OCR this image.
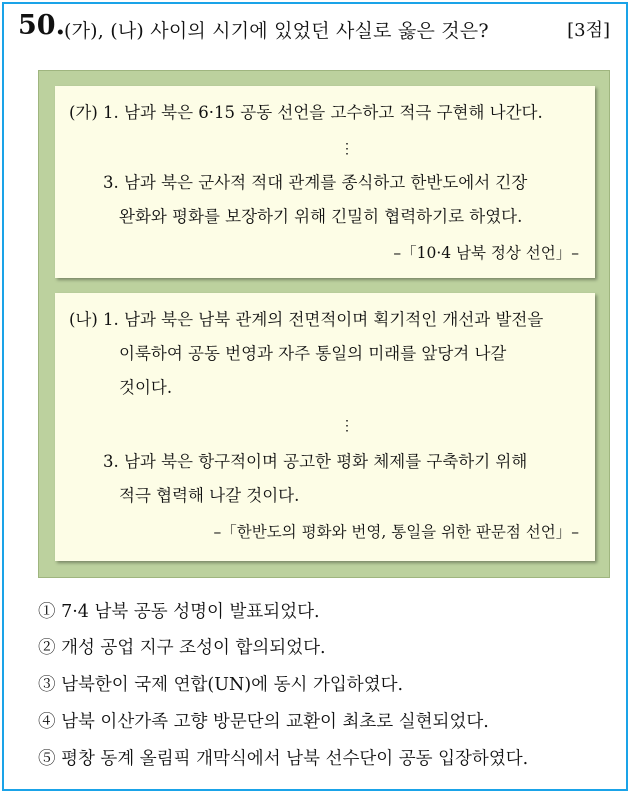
50. (가), (나) 사이의 시기에 있었던 사실로 옳은 것은?	[3점]
(가) 1. 남과 북은 6·15 공동 선언을 고수하고 적극 구현해 나간다.
⋮
3. 남과 북은 군사적 적대 관계를 종식하고 한반도에서 긴장
완화와 평화를 보장하기 위해 긴밀히 협력하기로 하였다.
–「10·4 남북 정상 선언」–
(나) 1. 남과 북은 남북 관계의 전면적이며 획기적인 개선과 발전을
이룩하여 공동 번영과 자주 통일의 미래를 앞당겨 나갈
것이다.
⋮
3. 남과 북은 항구적이며 공고한 평화 체제를 구축하기 위해
적극 협력해 나갈 것이다.
–「한반도의 평화와 번영, 통일을 위한 판문점 선언」–
① 7·4 남북 공동 성명이 발표되었다.
② 개성 공업 지구 조성이 합의되었다.
③ 남북한이 국제 연합(UN)에 동시 가입하였다.
④ 남북 이산가족 고향 방문단의 교환이 최초로 실현되었다.
⑤ 평창 동계 올림픽 개막식에서 남북 선수단이 공동 입장하였다.
